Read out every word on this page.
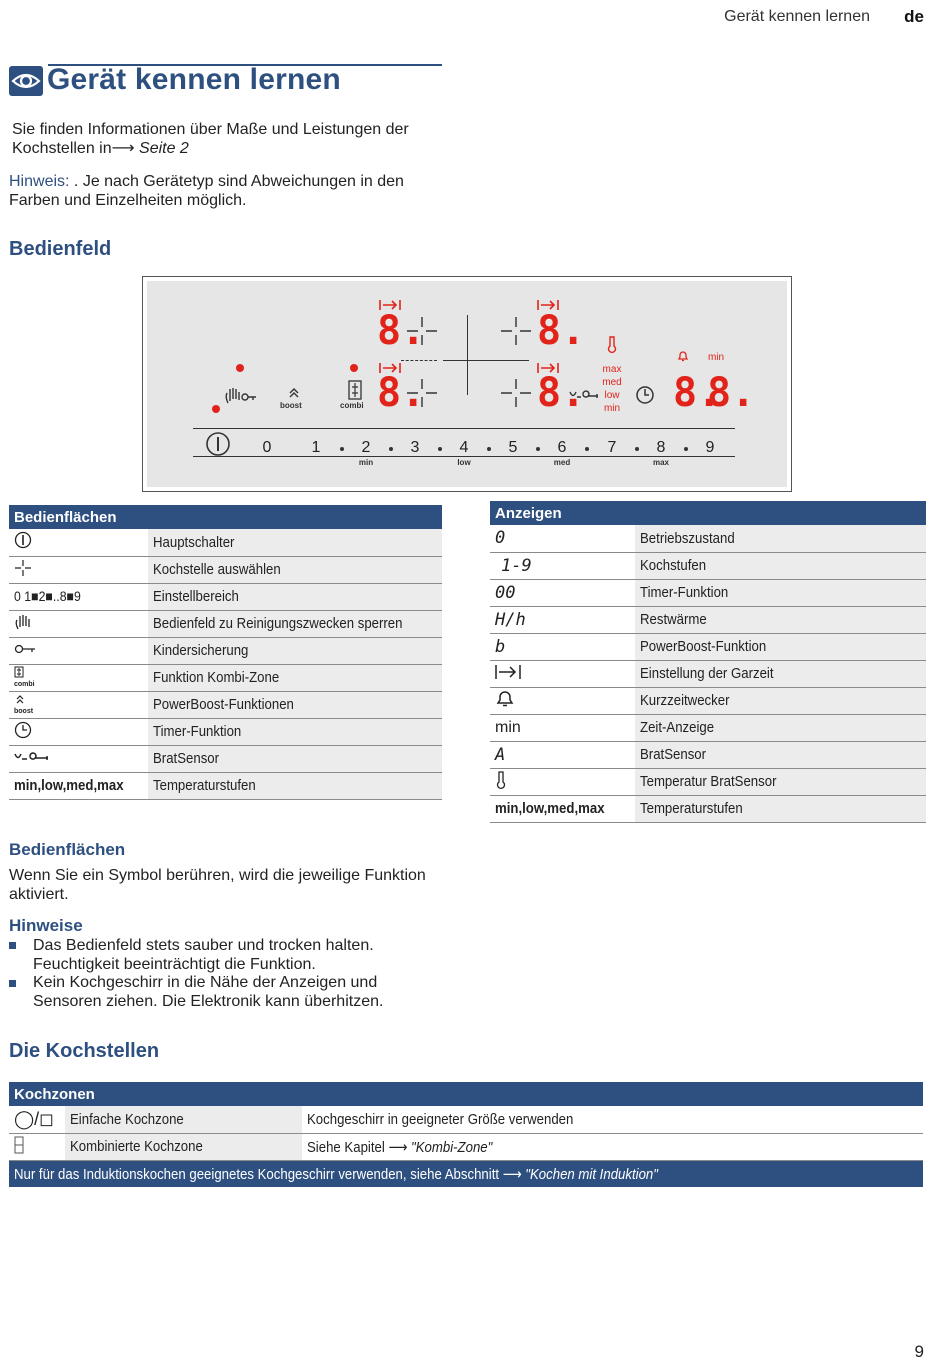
Gerät kennen lernen de
Gerät kennen lernen
Sie finden Informationen über Maße und Leistungen der Kochstellen in⟶ Seite 2
Hinweis: . Je nach Gerätetyp sind Abweichungen in den Farben und Einzelheiten möglich.
Bedienfeld
8.	8.
8.	8. 8.
8.
max
med
low
min
min
boost	combi
0	1	2	3	4	5	6	7	8	9
min	low	med	max
Bedienflächen	
	Hauptschalter
	Kochstelle auswählen
0 1■2■..8■9	Einstellbereich
	Bedienfeld zu Reinigungszwecken sperren
	Kindersicherung

combi	Funktion Kombi-Zone

boost	PowerBoost-Funktionen
	Timer-Funktion
	BratSensor
min,low,med,max	Temperaturstufen
Anzeigen	
0	Betriebszustand
1-9	Kochstufen
00	Timer-Funktion
H/h	Restwärme
b	PowerBoost-Funktion
	Einstellung der Garzeit
	Kurzzeitwecker
min	Zeit-Anzeige
A	BratSensor
	Temperatur BratSensor
min,low,med,max	Temperaturstufen
Bedienflächen
Wenn Sie ein Symbol berühren, wird die jeweilige Funktion aktiviert.
Hinweise
Das Bedienfeld stets sauber und trocken halten. Feuchtigkeit beeinträchtigt die Funktion.
Kein Kochgeschirr in die Nähe der Anzeigen und Sensoren ziehen. Die Elektronik kann überhitzen.
Die Kochstellen
Kochzonen		
◯/◻	Einfache Kochzone	Kochgeschirr in geeigneter Größe verwenden
	Kombinierte Kochzone	Siehe Kapitel ⟶ "Kombi-Zone"
Nur für das Induktionskochen geeignetes Kochgeschirr verwenden, siehe Abschnitt ⟶ "Kochen mit Induktion"		
9
